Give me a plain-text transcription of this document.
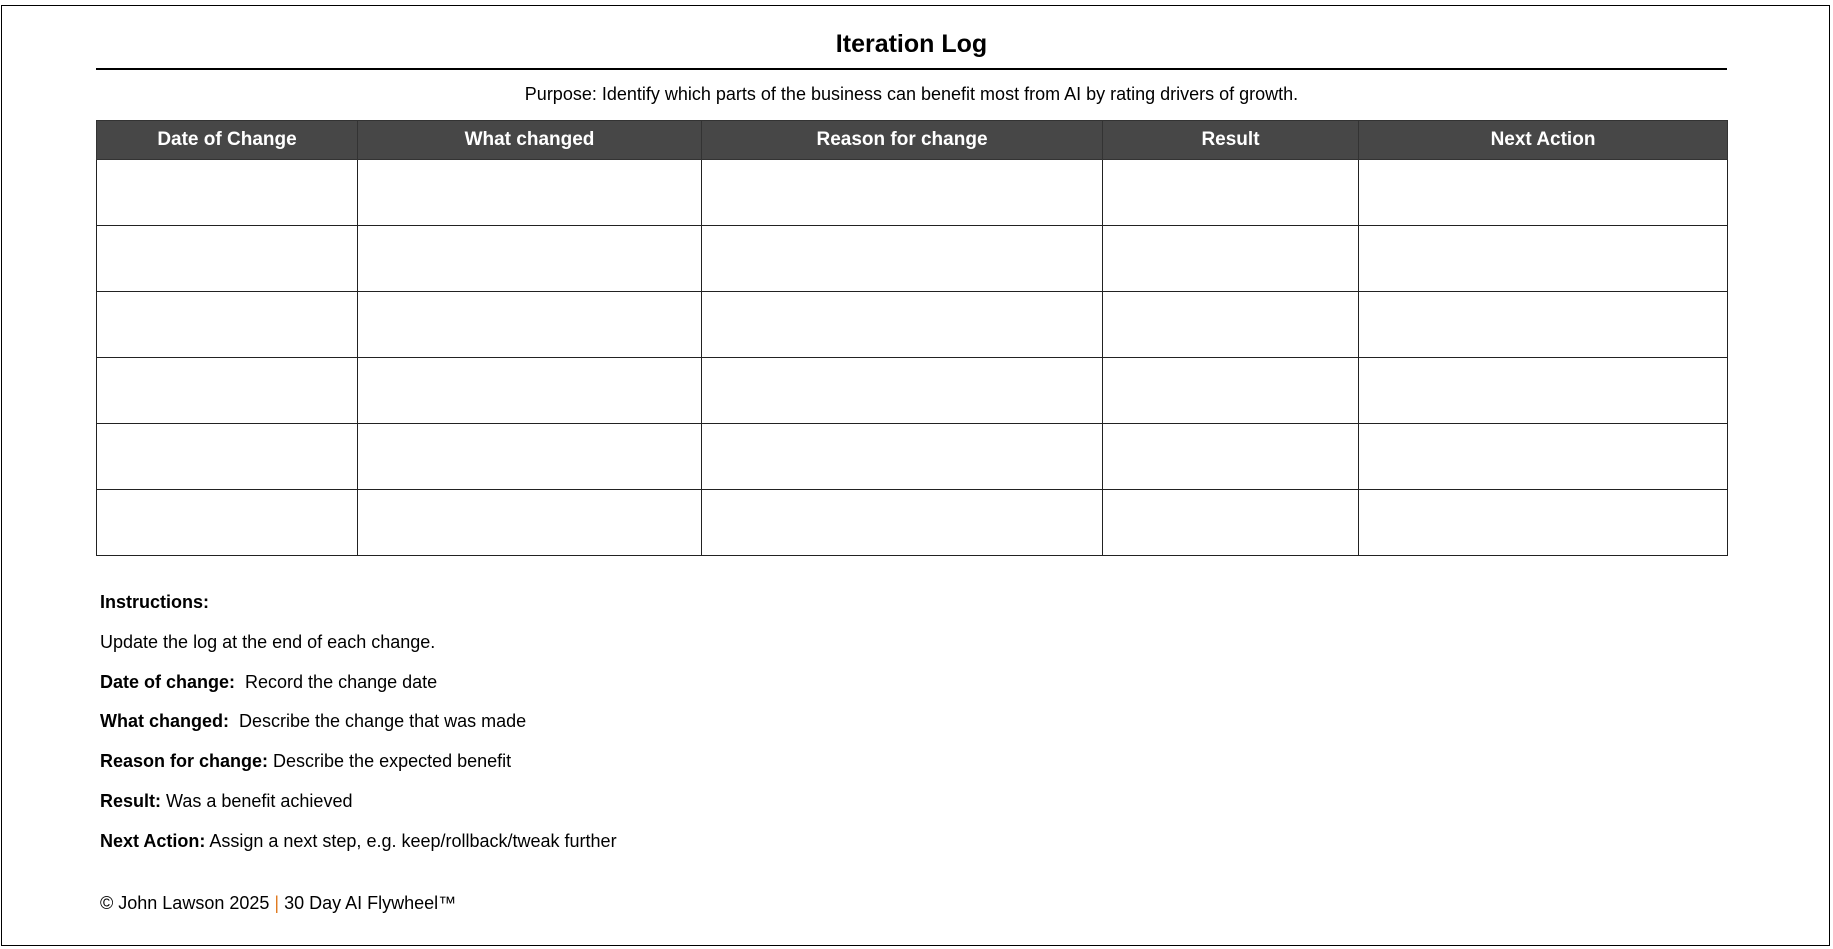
Iteration Log
Purpose: Identify which parts of the business can benefit most from AI by rating drivers of growth.
Date of Change	What changed	Reason for change	Result	Next Action

Instructions:
Update the log at the end of each change.
Date of change:  Record the change date
What changed:  Describe the change that was made
Reason for change: Describe the expected benefit
Result: Was a benefit achieved
Next Action: Assign a next step, e.g. keep/rollback/tweak further
© John Lawson 2025 | 30 Day AI Flywheel™
